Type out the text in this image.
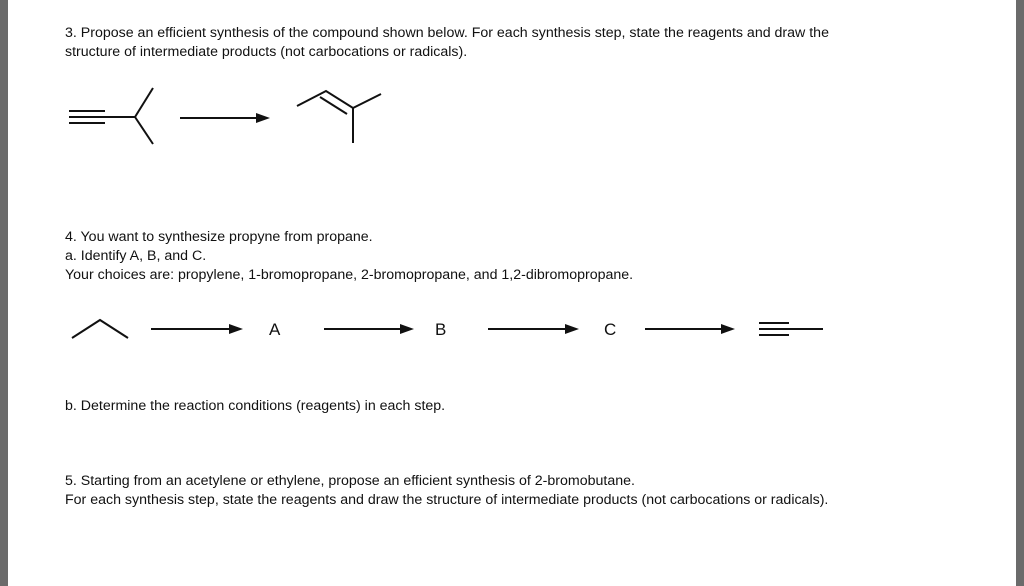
3. Propose an efficient synthesis of the compound shown below. For each synthesis step, state the reagents and draw the

structure of intermediate products (not carbocations or radicals).

A	B	C

4. You want to synthesize propyne from propane.

a. Identify A, B, and C.

Your choices are: propylene, 1-bromopropane, 2-bromopropane, and 1,2-dibromopropane.

b. Determine the reaction conditions (reagents) in each step.

5. Starting from an acetylene or ethylene, propose an efficient synthesis of 2-bromobutane.

For each synthesis step, state the reagents and draw the structure of intermediate products (not carbocations or radicals).
